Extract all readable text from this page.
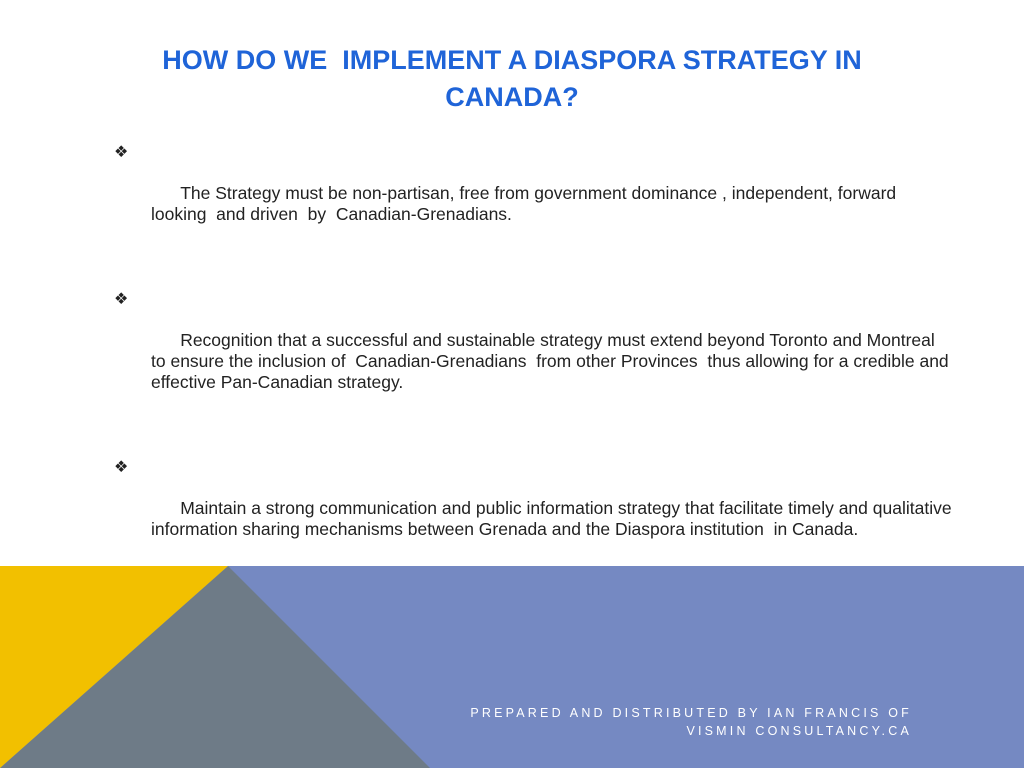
HOW DO WE  IMPLEMENT A DIASPORA STRATEGY IN CANADA?

❖

The Strategy must be non-partisan, free from government dominance , independent, forward looking  and driven  by  Canadian-Grenadians.

❖

Recognition that a successful and sustainable strategy must extend beyond Toronto and Montreal to ensure the inclusion of  Canadian-Grenadians  from other Provinces  thus allowing for a credible and effective Pan-Canadian strategy.

❖

Maintain a strong communication and public information strategy that facilitate timely and qualitative information sharing mechanisms between Grenada and the Diaspora institution  in Canada.

PREPARED AND DISTRIBUTED BY IAN FRANCIS OF
VISMIN CONSULTANCY.CA
